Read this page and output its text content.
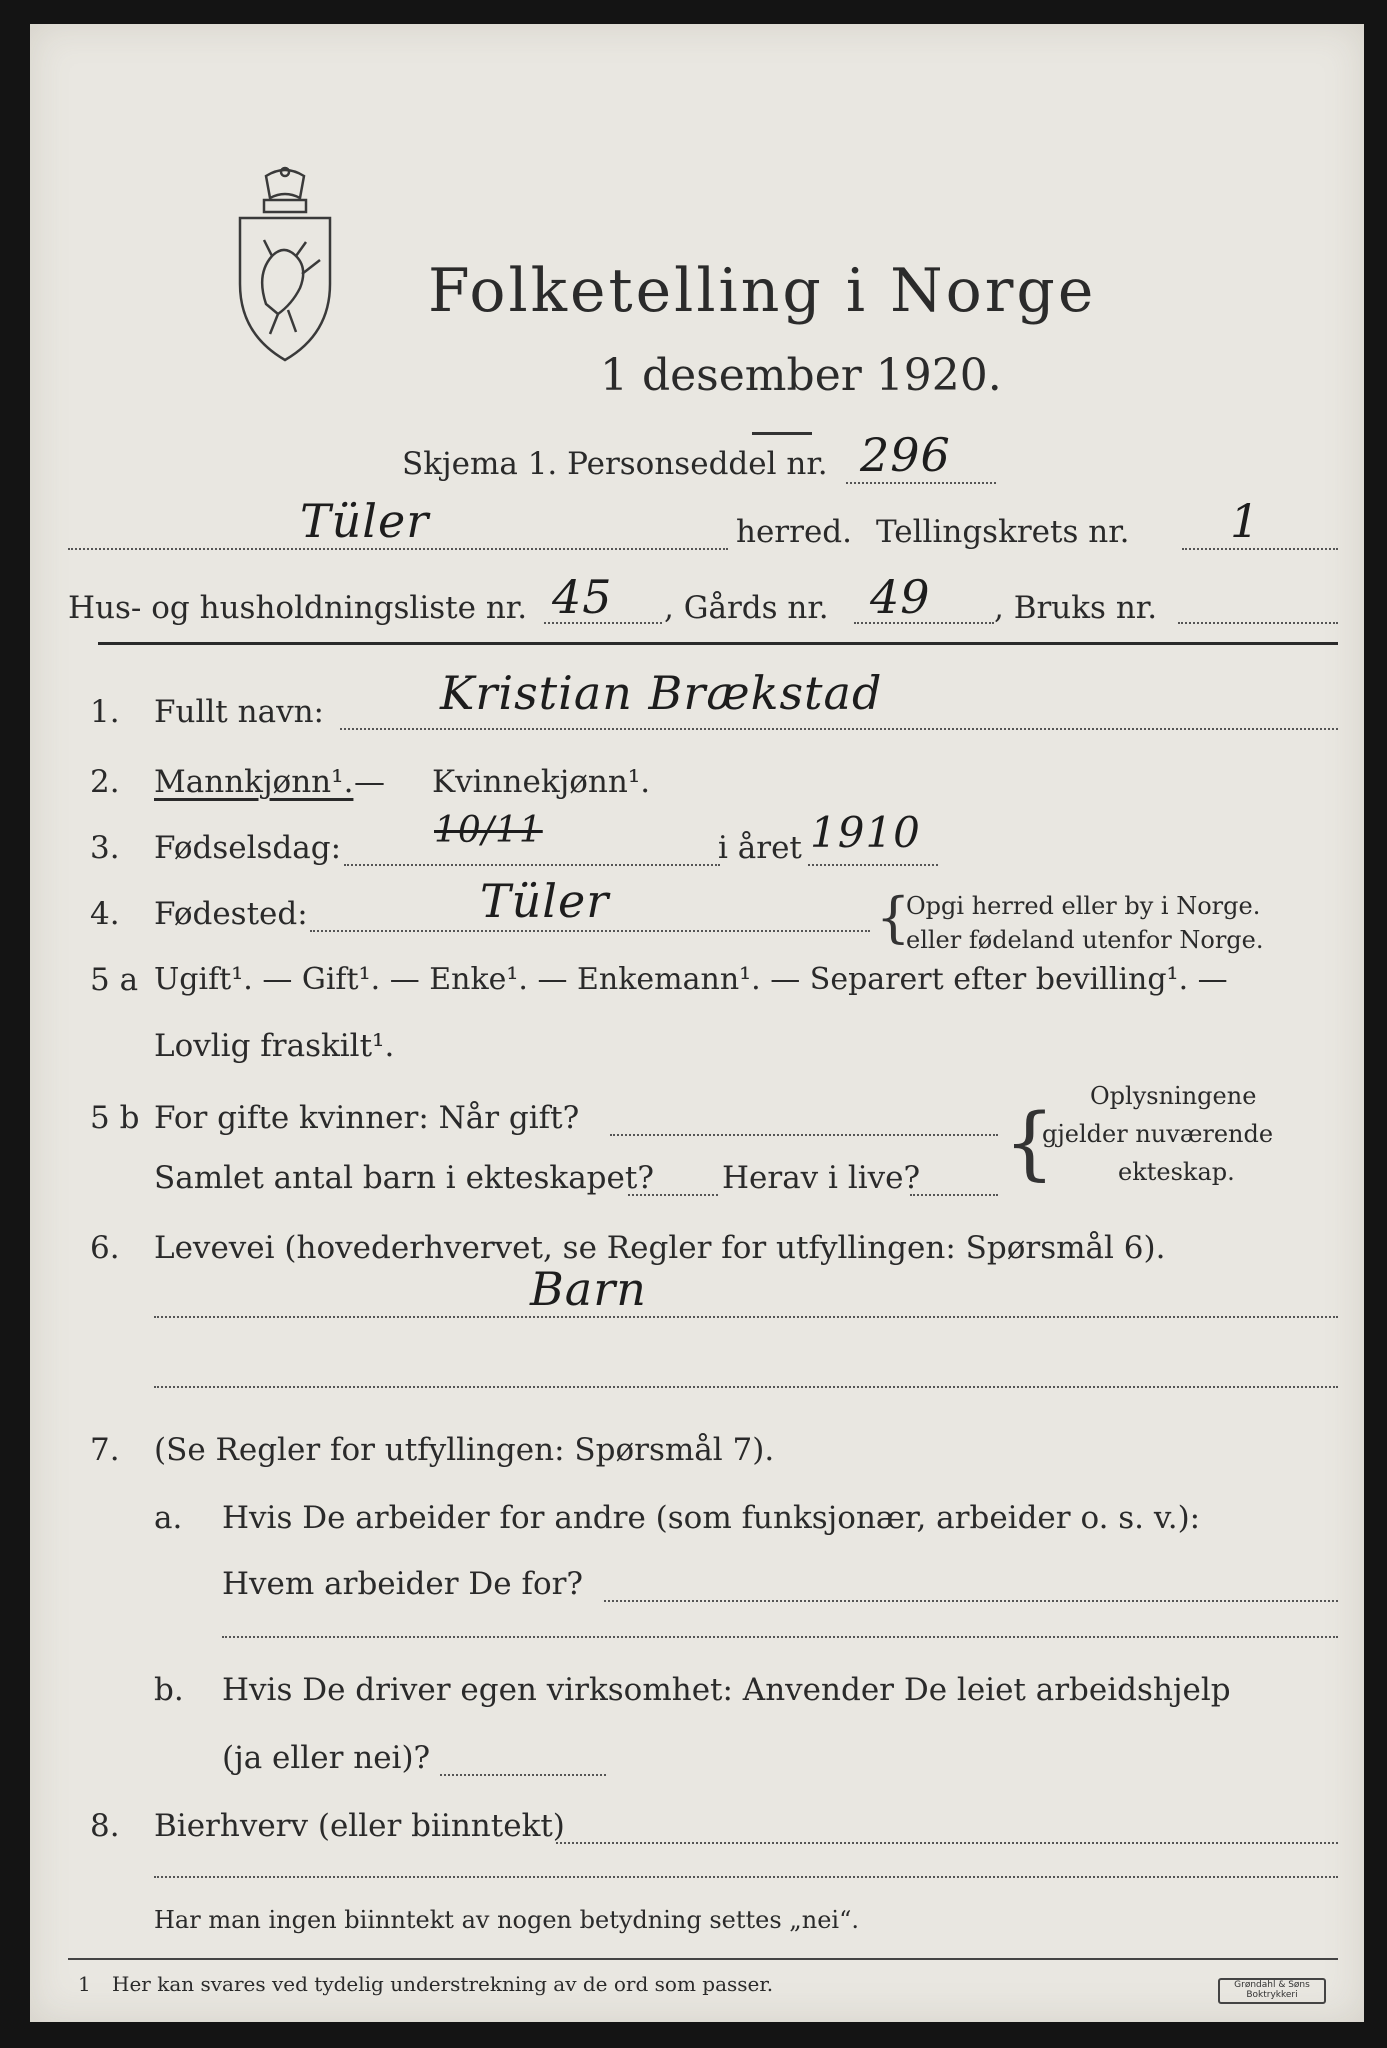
Folketelling i Norge
1 desember 1920.
Skjema 1. Personseddel nr. 296
Tüler	herred. Tellingskrets nr. 1
Hus- og husholdningsliste nr. 45 , Gårds nr. 49 , Bruks nr.
1. Fullt navn:	Kristian Brækstad
2. Mannkjønn¹. — Kvinnekjønn¹.
3. Fødselsdag:	10/11	i året 1910
4. Fødested:	Tüler	{
Opgi herred eller by i Norge.
eller fødeland utenfor Norge.
5 a Ugift¹. — Gift¹. — Enke¹. — Enkemann¹. — Separert efter bevilling¹. —
Lovlig fraskilt¹.
5 b For gifte kvinner: Når gift?
Samlet antal barn i ekteskapet? Herav i live? { Oplysningene
gjelder nuværende
ekteskap.
6. Levevei (hovederhvervet, se Regler for utfyllingen: Spørsmål 6).
Barn
7. (Se Regler for utfyllingen: Spørsmål 7).
a. Hvis De arbeider for andre (som funksjonær, arbeider o. s. v.):
Hvem arbeider De for?
b. Hvis De driver egen virksomhet: Anvender De leiet arbeidshjelp
(ja eller nei)?
8. Bierhverv (eller biinntekt)
Har man ingen biinntekt av nogen betydning settes „nei“.
1 Her kan svares ved tydelig understrekning av de ord som passer.	Grøndahl & Søns Boktrykkeri
